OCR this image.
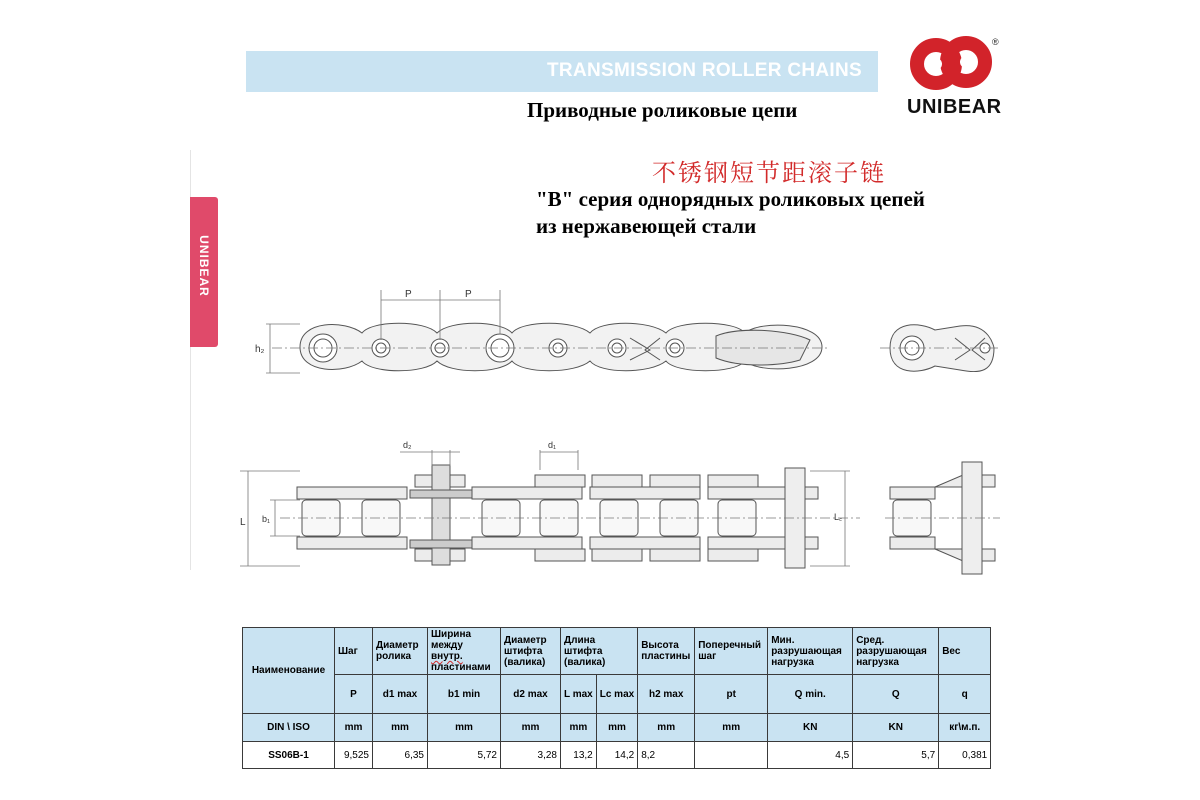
TRANSMISSION ROLLER CHAINS
Приводные роликовые цепи
®
UNIBEAR
不锈钢短节距滚子链
"B" серия однорядных роликовых цепей
из нержавеющей стали
UNIBEAR	P	P
h₂
L b₁	L꜀
d₂	d₁
Наименование	Шаг	Диаметр ролика	Ширина между внутр. пластинами	Диаметр штифта (валика)	Длина штифта (валика)		Высота пластины	Поперечный шаг	Мин. разрушающая нагрузка	Сред. разрушающая нагрузка	Вес
	P	d1 max	b1 min	d2 max	L max	Lc max	h2 max	pt	Q min.	Q	q
DIN \ ISO	mm	mm	mm	mm	mm	mm	mm	mm	KN	KN	кг\м.п.
SS06B-1	9,525	6,35	5,72	3,28	13,2	14,2	8,2		4,5	5,7	0,381
